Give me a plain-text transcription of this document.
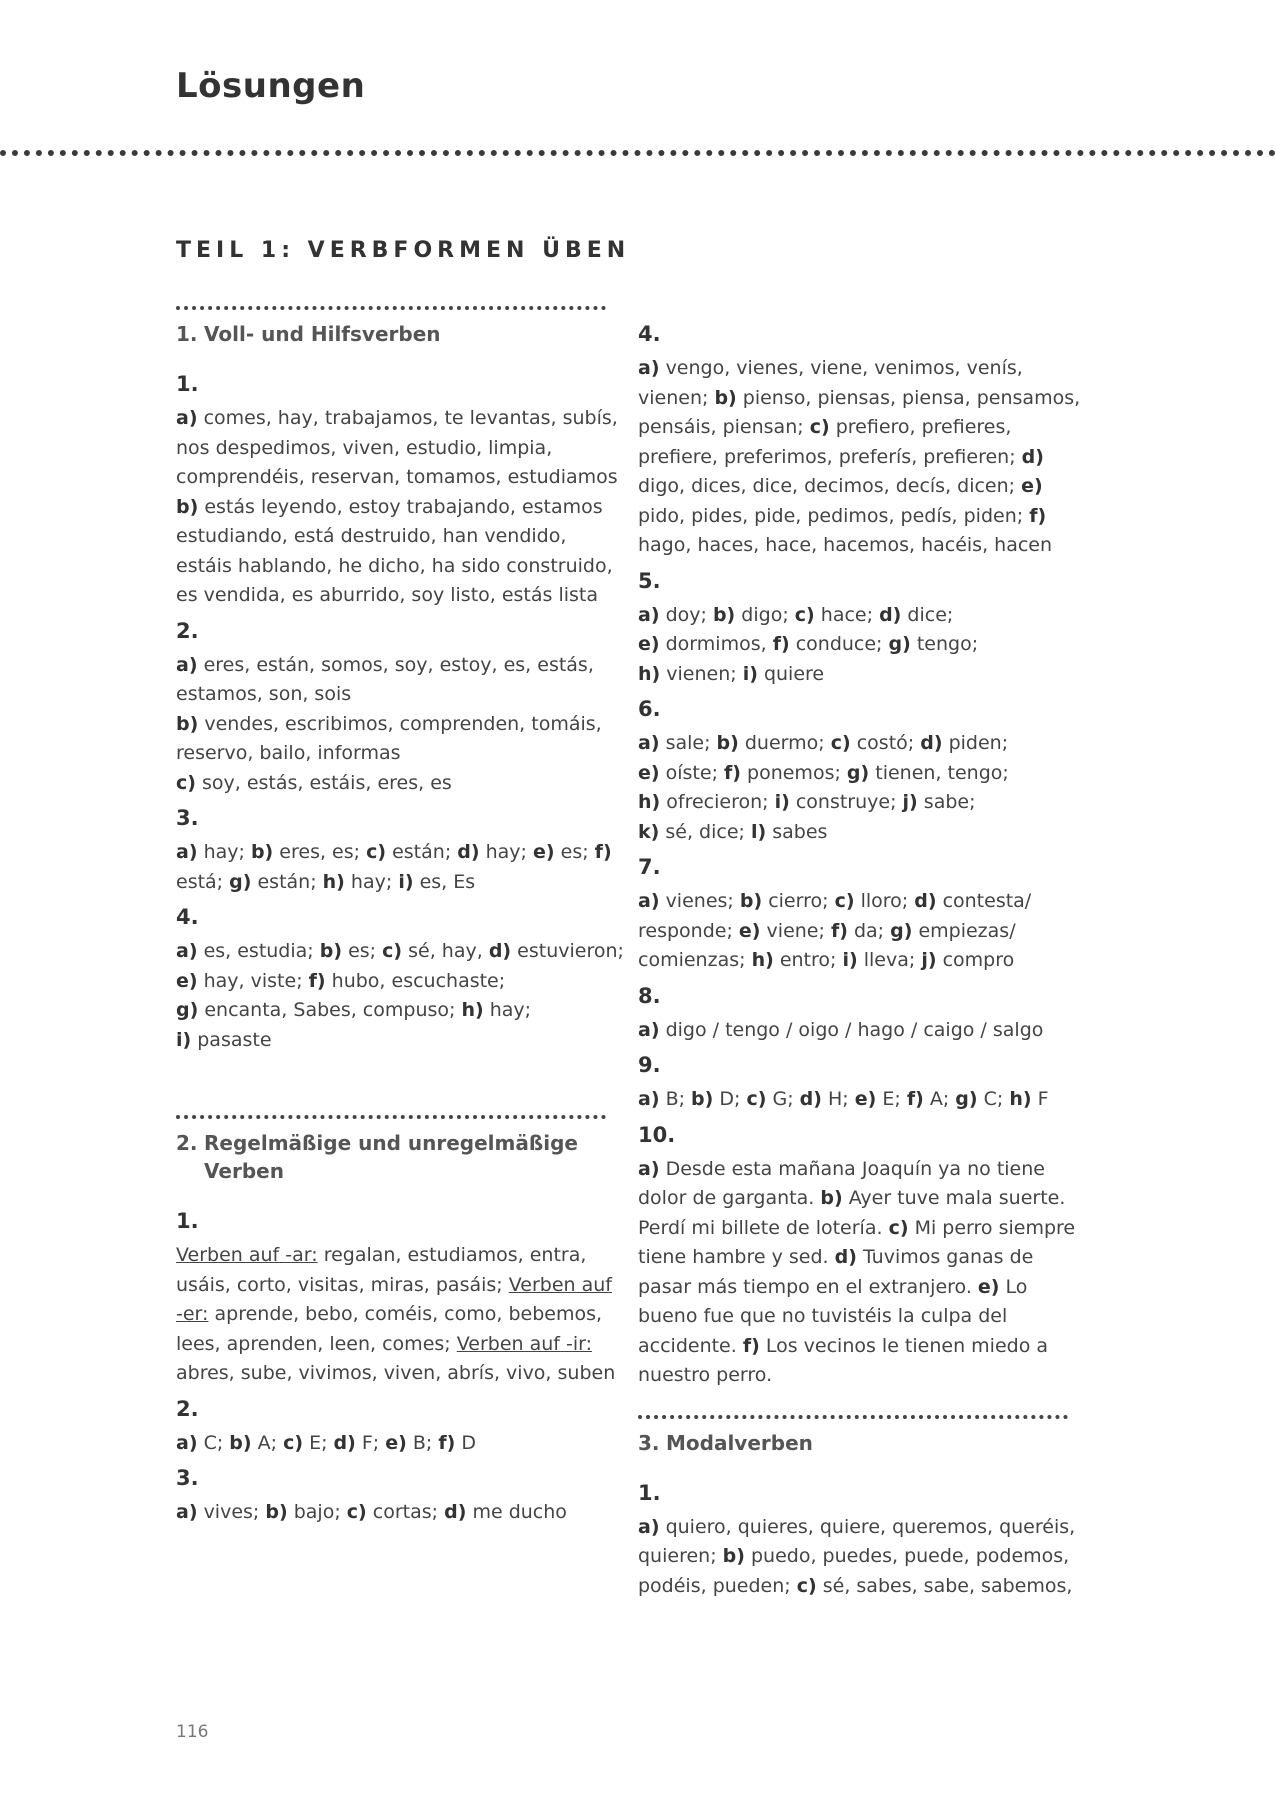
Lösungen
TEIL 1: VERBFORMEN ÜBEN
1. Voll- und Hilfsverben
1.

a) comes, hay, trabajamos, te levantas, subís, nos despedimos, viven, estudio, limpia, comprendéis, reservan, tomamos, estudiamos
b) estás leyendo, estoy trabajando, estamos estudiando, está destruido, han vendido, estáis hablando, he dicho, ha sido construido, es vendida, es aburrido, soy listo, estás lista

2.

a) eres, están, somos, soy, estoy, es, estás, estamos, son, sois
b) vendes, escribimos, comprenden, tomáis, reservo, bailo, informas
c) soy, estás, estáis, eres, es

3.

a) hay; b) eres, es; c) están; d) hay; e) es; f) está; g) están; h) hay; i) es, Es

4.

a) es, estudia; b) es; c) sé, hay, d) estuvieron;
e) hay, viste; f) hubo, escuchaste;
g) encanta, Sabes, compuso; h) hay;
i) pasaste

2. Regelmäßige und unregelmäßige
Verben
1.

Verben auf -ar: regalan, estudiamos, entra, usáis, corto, visitas, miras, pasáis; Verben auf -er: aprende, bebo, coméis, como, bebemos, lees, aprenden, leen, comes; Verben auf -ir: abres, sube, vivimos, viven, abrís, vivo, suben

2.

a) C; b) A; c) E; d) F; e) B; f) D

3.

a) vives; b) bajo; c) cortas; d) me ducho

4.

a) vengo, vienes, viene, venimos, venís, vienen; b) pienso, piensas, piensa, pensamos, pensáis, piensan; c) prefiero, prefieres, prefiere, preferimos, preferís, prefieren; d) digo, dices, dice, decimos, decís, dicen; e) pido, pides, pide, pedimos, pedís, piden; f) hago, haces, hace, hacemos, hacéis, hacen

5.

a) doy; b) digo; c) hace; d) dice;
e) dormimos, f) conduce; g) tengo;
h) vienen; i) quiere

6.

a) sale; b) duermo; c) costó; d) piden;
e) oíste; f) ponemos; g) tienen, tengo;
h) ofrecieron; i) construye; j) sabe;
k) sé, dice; l) sabes

7.

a) vienes; b) cierro; c) lloro; d) contesta/ responde; e) viene; f) da; g) empiezas/ comienzas; h) entro; i) lleva; j) compro

8.

a) digo / tengo / oigo / hago / caigo / salgo

9.

a) B; b) D; c) G; d) H; e) E; f) A; g) C; h) F

10.

a) Desde esta mañana Joaquín ya no tiene dolor de garganta. b) Ayer tuve mala suerte. Perdí mi billete de lotería. c) Mi perro siempre tiene hambre y sed. d) Tuvimos ganas de pasar más tiempo en el extranjero. e) Lo bueno fue que no tuvistéis la culpa del accidente. f) Los vecinos le tienen miedo a nuestro perro.

3. Modalverben
1.

a) quiero, quieres, quiere, queremos, queréis, quieren; b) puedo, puedes, puede, podemos, podéis, pueden; c) sé, sabes, sabe, sabemos,

116
